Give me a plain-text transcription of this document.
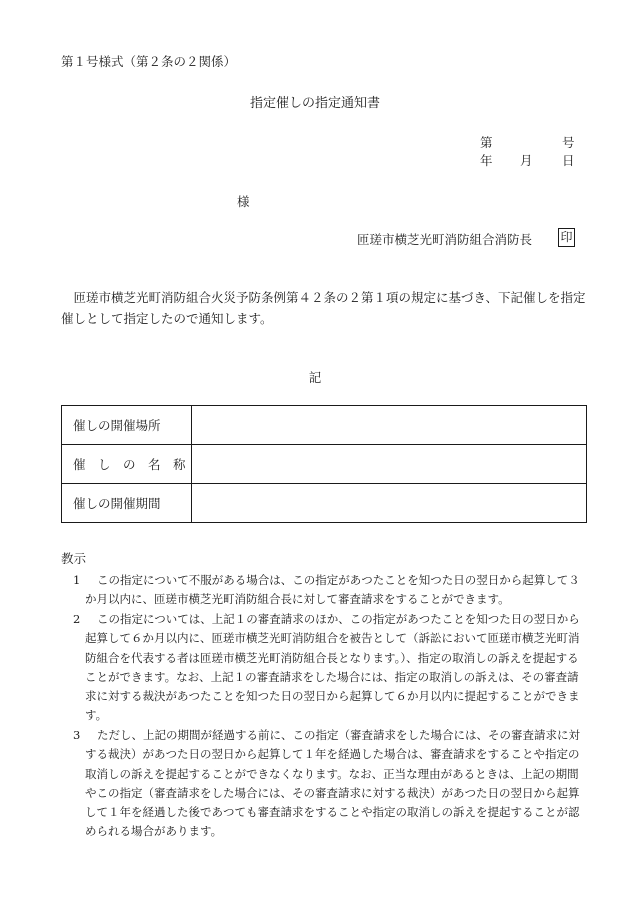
第１号様式（第２条の２関係）
指定催しの指定通知書
第	号
年 月 日
様
匝瑳市横芝光町消防組合消防長 印
匝瑳市横芝光町消防組合火災予防条例第４２条の２第１項の規定に基づき、下記催しを指定催しとして指定したので通知します。
記
催しの開催場所	
催　し　の　名　称	
催しの開催期間	
教示
1	この指定について不服がある場合は、この指定があつたことを知つた日の翌日から起算して３か月以内に、匝瑳市横芝光町消防組合長に対して審査請求をすることができます。
2	この指定については、上記１の審査請求のほか、この指定があつたことを知つた日の翌日から起算して６か月以内に、匝瑳市横芝光町消防組合を被告として（訴訟において匝瑳市横芝光町消防組合を代表する者は匝瑳市横芝光町消防組合長となります。）、指定の取消しの訴えを提起することができます。なお、上記１の審査請求をした場合には、指定の取消しの訴えは、その審査請求に対する裁決があつたことを知つた日の翌日から起算して６か月以内に提起することができます。
3	ただし、上記の期間が経過する前に、この指定（審査請求をした場合には、その審査請求に対する裁決）があつた日の翌日から起算して１年を経過した場合は、審査請求をすることや指定の取消しの訴えを提起することができなくなります。なお、正当な理由があるときは、上記の期間やこの指定（審査請求をした場合には、その審査請求に対する裁決）があつた日の翌日から起算して１年を経過した後であつても審査請求をすることや指定の取消しの訴えを提起することが認められる場合があります。
